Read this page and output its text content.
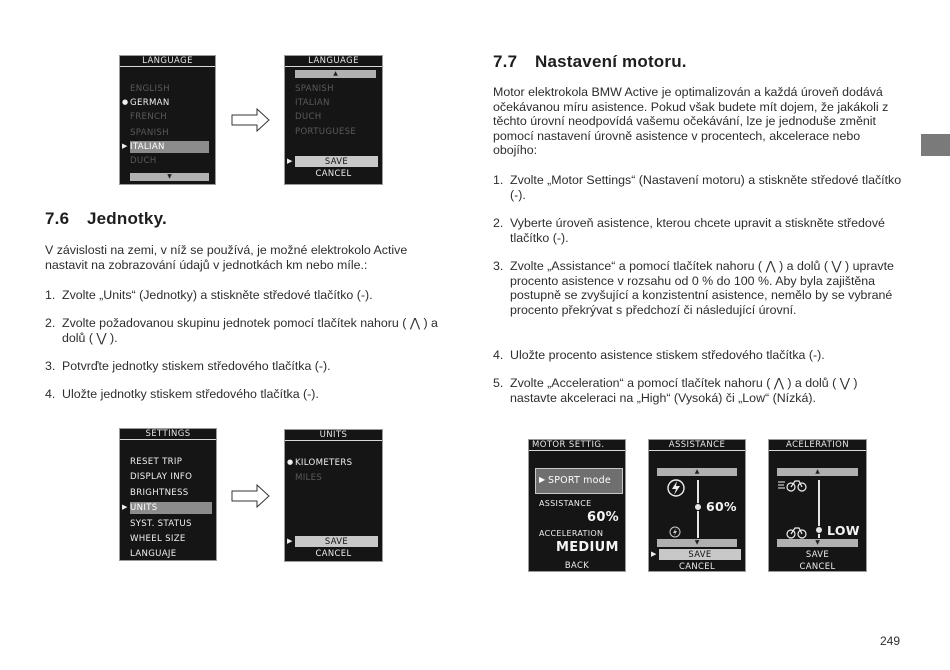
LANGUAGE
ENGLISH
● GERMAN
FRENCH
SPANISH
▶ ITALIAN
DUCH
▼
LANGUAGE
▲
SPANISH
ITALIAN
DUCH
PORTUGUESE
▶	SAVE
CANCEL
7.6 Jednotky.
V závislosti na zemi, v níž se používá, je možné elektrokolo Active nastavit na zobrazování údajů v jednotkách km nebo míle.:
1. Zvolte „Units“ (Jednotky) a stiskněte středové tlačítko (-).
2. Zvolte požadovanou skupinu jednotek pomocí tlačítek nahoru ( ⋀ ) a dolů ( ⋁ ).
3. Potvrďte jednotky stiskem středového tlačítka (-).
4. Uložte jednotky stiskem středového tlačítka (-).
SETTINGS
RESET TRIP
DISPLAY INFO
BRIGHTNESS
▶ UNITS
SYST. STATUS
WHEEL SIZE
LANGUAJE
UNITS
● KILOMETERS
MILES
▶	SAVE
CANCEL
7.7 Nastavení motoru.
Motor elektrokola BMW Active je optimalizován a každá úroveň dodává očekávanou míru asistence. Pokud však budete mít dojem, že jakákoli z těchto úrovní neodpovídá vašemu očekávání, lze je jednoduše změnit pomocí nastavení úrovně asistence v procentech, akcelerace nebo obojího:
1. Zvolte „Motor Settings“ (Nastavení motoru) a stiskněte středové tlačítko (-).
2. Vyberte úroveň asistence, kterou chcete upravit a stiskněte středové tlačítko (-).
3. Zvolte „Assistance“ a pomocí tlačítek nahoru ( ⋀ ) a dolů ( ⋁ ) upravte procento asistence v rozsahu od 0 % do 100 %. Aby byla zajištěna postupně se zvyšující a konzistentní asistence, nemělo by se vybrané procento překrývat s předchozí či následující úrovní.
4. Uložte procento asistence stiskem středového tlačítka (-).
5. Zvolte „Acceleration“ a pomocí tlačítek nahoru ( ⋀ ) a dolů ( ⋁ ) nastavte akceleraci na „High“ (Vysoká) či „Low“ (Nízká).
MOTOR SETTIG.
▶ SPORT mode
ASSISTANCE
60%
ACCELERATION
MEDIUM
BACK
ASSISTANCE
▲
60%
▼
▶	SAVE
CANCEL
ACELERATION
▲
LOW
▼
SAVE
CANCEL
249
